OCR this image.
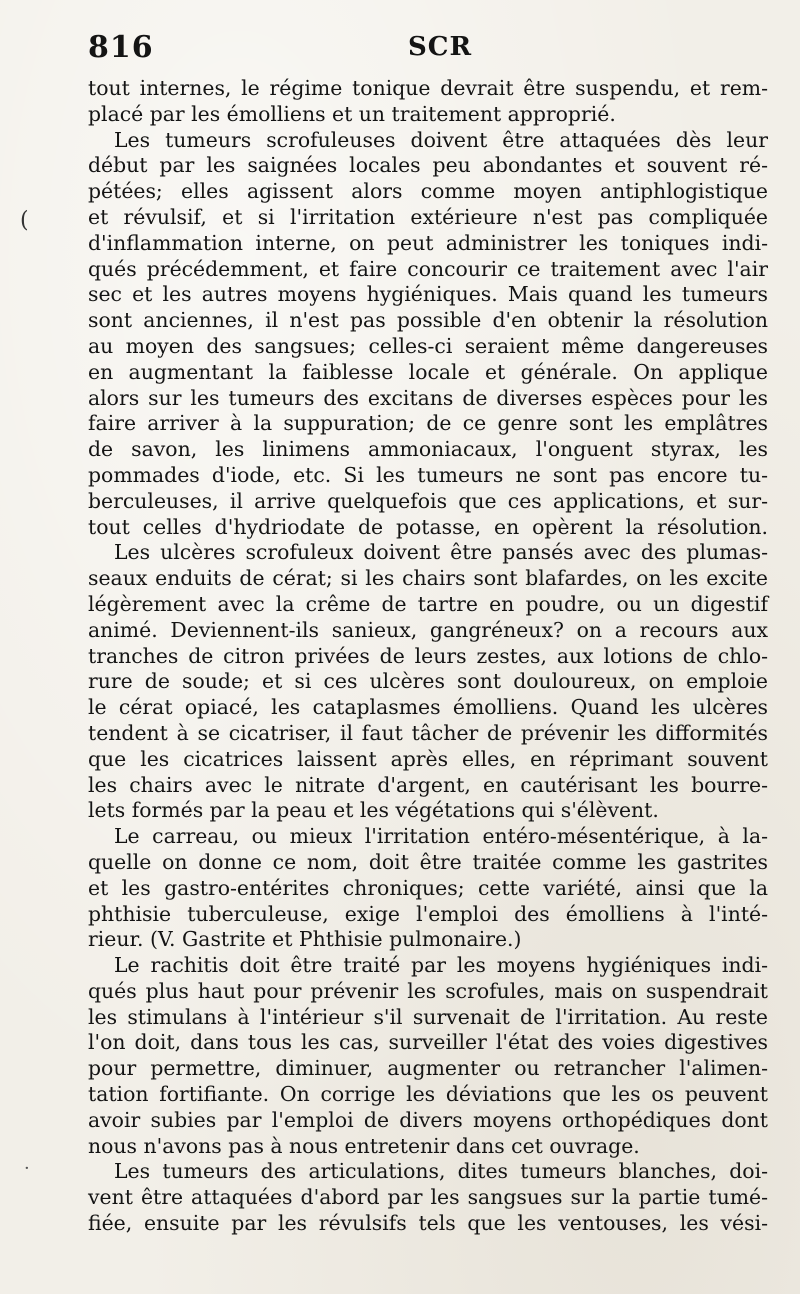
816	SCR
(
·
tout internes, le régime tonique devrait être suspendu, et rem-
placé par les émolliens et un traitement approprié.
Les tumeurs scrofuleuses doivent être attaquées dès leur
début par les saignées locales peu abondantes et souvent ré-
pétées; elles agissent alors comme moyen antiphlogistique
et révulsif, et si l'irritation extérieure n'est pas compliquée
d'inflammation interne, on peut administrer les toniques indi-
qués précédemment, et faire concourir ce traitement avec l'air
sec et les autres moyens hygiéniques. Mais quand les tumeurs
sont anciennes, il n'est pas possible d'en obtenir la résolution
au moyen des sangsues; celles-ci seraient même dangereuses
en augmentant la faiblesse locale et générale. On applique
alors sur les tumeurs des excitans de diverses espèces pour les
faire arriver à la suppuration; de ce genre sont les emplâtres
de savon, les linimens ammoniacaux, l'onguent styrax, les
pommades d'iode, etc. Si les tumeurs ne sont pas encore tu-
berculeuses, il arrive quelquefois que ces applications, et sur-
tout celles d'hydriodate de potasse, en opèrent la résolution.
Les ulcères scrofuleux doivent être pansés avec des plumas-
seaux enduits de cérat; si les chairs sont blafardes, on les excite
légèrement avec la crême de tartre en poudre, ou un digestif
animé. Deviennent-ils sanieux, gangréneux? on a recours aux
tranches de citron privées de leurs zestes, aux lotions de chlo-
rure de soude; et si ces ulcères sont douloureux, on emploie
le cérat opiacé, les cataplasmes émolliens. Quand les ulcères
tendent à se cicatriser, il faut tâcher de prévenir les difformités
que les cicatrices laissent après elles, en réprimant souvent
les chairs avec le nitrate d'argent, en cautérisant les bourre-
lets formés par la peau et les végétations qui s'élèvent.
Le carreau, ou mieux l'irritation entéro-mésentérique, à la-
quelle on donne ce nom, doit être traitée comme les gastrites
et les gastro-entérites chroniques; cette variété, ainsi que la
phthisie tuberculeuse, exige l'emploi des émolliens à l'inté-
rieur. (V. Gastrite et Phthisie pulmonaire.)
Le rachitis doit être traité par les moyens hygiéniques indi-
qués plus haut pour prévenir les scrofules, mais on suspendrait
les stimulans à l'intérieur s'il survenait de l'irritation. Au reste
l'on doit, dans tous les cas, surveiller l'état des voies digestives
pour permettre, diminuer, augmenter ou retrancher l'alimen-
tation fortifiante. On corrige les déviations que les os peuvent
avoir subies par l'emploi de divers moyens orthopédiques dont
nous n'avons pas à nous entretenir dans cet ouvrage.
Les tumeurs des articulations, dites tumeurs blanches, doi-
vent être attaquées d'abord par les sangsues sur la partie tumé-
fiée, ensuite par les révulsifs tels que les ventouses, les vési-
